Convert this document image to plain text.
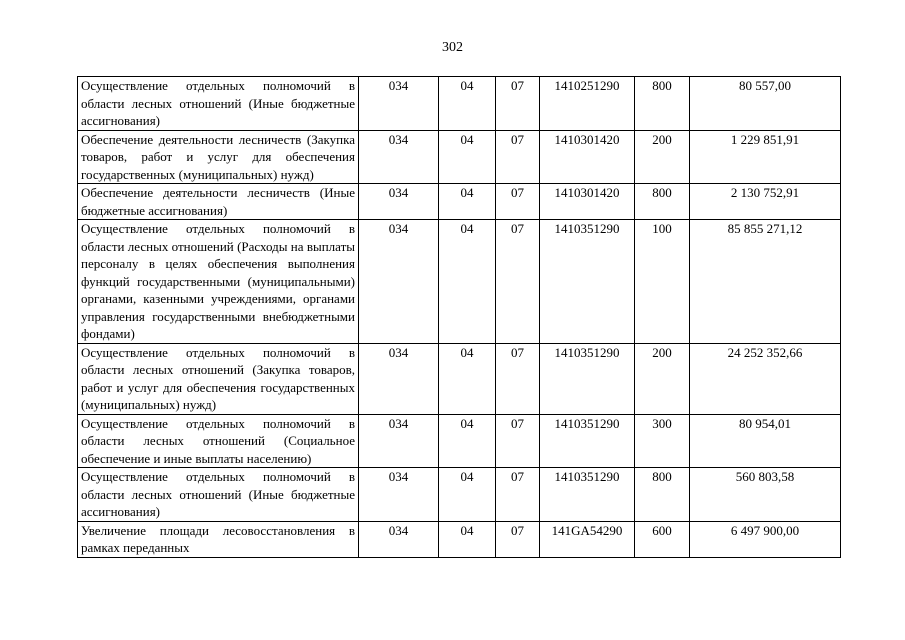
302
Осуществление отдельных полномочий в области лесных отношений (Иные бюджетные ассигнования)	034	04	07	1410251290	800	80 557,00
Обеспечение деятельности лесничеств (Закупка товаров, работ и услуг для обеспечения государственных (муниципальных) нужд)	034	04	07	1410301420	200	1 229 851,91
Обеспечение деятельности лесничеств (Иные бюджетные ассигнования)	034	04	07	1410301420	800	2 130 752,91
Осуществление отдельных полномочий в области лесных отношений (Расходы на выплаты персоналу в целях обеспечения выполнения функций государственными (муниципальными) органами, казенными учреждениями, органами управления государственными внебюджетными фондами)	034	04	07	1410351290	100	85 855 271,12
Осуществление отдельных полномочий в области лесных отношений (Закупка товаров, работ и услуг для обеспечения государственных (муниципальных) нужд)	034	04	07	1410351290	200	24 252 352,66
Осуществление отдельных полномочий в области лесных отношений (Социальное обеспечение и иные выплаты населению)	034	04	07	1410351290	300	80 954,01
Осуществление отдельных полномочий в области лесных отношений (Иные бюджетные ассигнования)	034	04	07	1410351290	800	560 803,58
Увеличение площади лесовосстановления в рамках переданных	034	04	07	141GA54290	600	6 497 900,00
